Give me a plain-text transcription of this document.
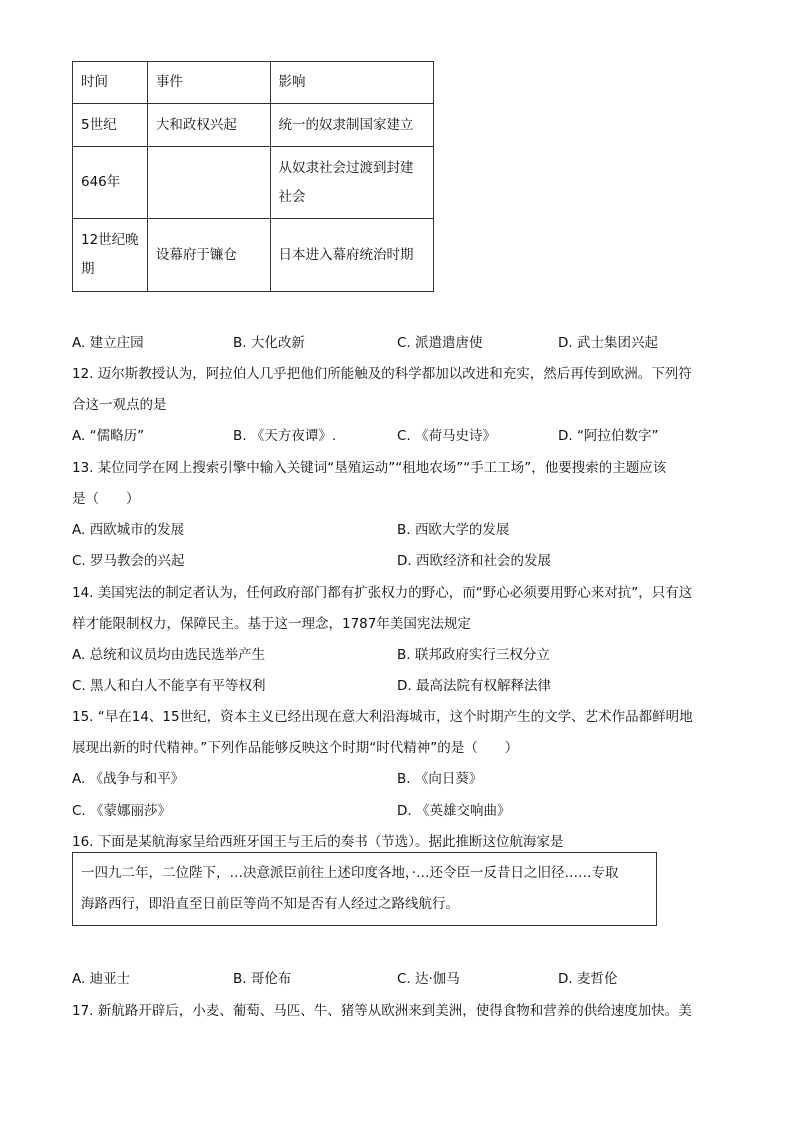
时间	事件	影响
5世纪	大和政权兴起	统一的奴隶制国家建立
646年		从奴隶社会过渡到封建
社会

12世纪晚
期	设幕府于镰仓	日本进入幕府统治时期
A. 建立庄园	B. 大化改新	C. 派遣遣唐使	D. 武士集团兴起
12. 迈尔斯教授认为，阿拉伯人几乎把他们所能触及的科学都加以改进和充实，然后再传到欧洲。下列符
合这一观点的是
A. “儒略历”	B. 《天方夜谭》.	C. 《荷马史诗》	D. “阿拉伯数字”
13. 某位同学在网上搜索引擎中输入关键词“垦殖运动”“租地农场”“手工工场”，他要搜索的主题应该
是（　　）
A. 西欧城市的发展	B. 西欧大学的发展
C. 罗马教会的兴起	D. 西欧经济和社会的发展
14. 美国宪法的制定者认为，任何政府部门都有扩张权力的野心，而“野心必须要用野心来对抗”，只有这
样才能限制权力，保障民主。基于这一理念，1787年美国宪法规定
A. 总统和议员均由选民选举产生	B. 联邦政府实行三权分立
C. 黑人和白人不能享有平等权利	D. 最高法院有权解释法律
15. “早在14、15世纪，资本主义已经出现在意大利沿海城市，这个时期产生的文学、艺术作品都鲜明地
展现出新的时代精神。”下列作品能够反映这个时期“时代精神”的是（　　）
A. 《战争与和平》	B. 《向日葵》
C. 《蒙娜丽莎》	D. 《英雄交响曲》
16. 下面是某航海家呈给西班牙国王与王后的奏书（节选）。据此推断这位航海家是
一四九二年，二位陛下，…决意派臣前往上述印度各地，·…还令臣一反昔日之旧径……专取
海路西行，即沿直至日前臣等尚不知是否有人经过之路线航行。
A. 迪亚士	B. 哥伦布	C. 达·伽马	D. 麦哲伦
17. 新航路开辟后，小麦、葡萄、马匹、牛、猪等从欧洲来到美洲，使得食物和营养的供给速度加快。美
